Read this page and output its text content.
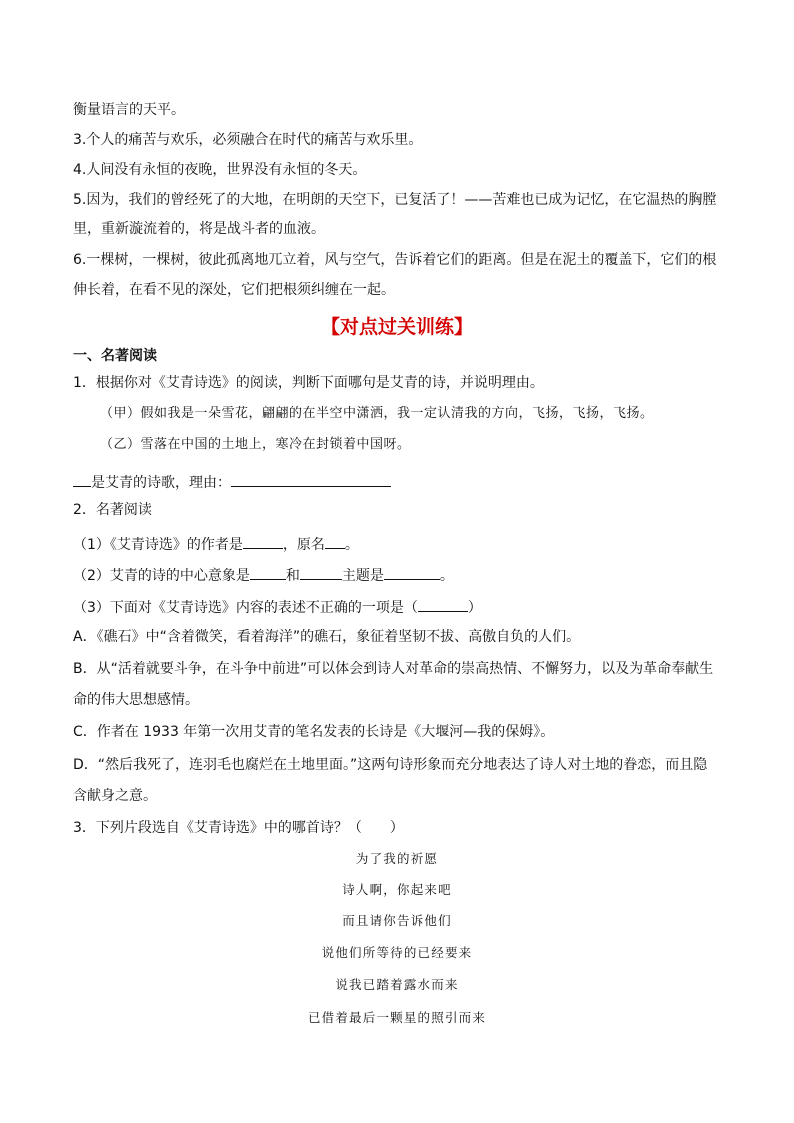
衡量语言的天平。
3.个人的痛苦与欢乐，必须融合在时代的痛苦与欢乐里。
4.人间没有永恒的夜晚，世界没有永恒的冬天。
5.因为，我们的曾经死了的大地，在明朗的天空下，已复活了！——苦难也已成为记忆，在它温热的胸膛
里，重新漩流着的，将是战斗者的血液。
6.一棵树，一棵树，彼此孤离地兀立着，风与空气，告诉着它们的距离。但是在泥土的覆盖下，它们的根
伸长着，在看不见的深处，它们把根须纠缠在一起。
【对点过关训练】
一、名著阅读
1．根据你对《艾青诗选》的阅读，判断下面哪句是艾青的诗，并说明理由。
（甲）假如我是一朵雪花，翩翩的在半空中潇洒，我一定认清我的方向，飞扬，飞扬，飞扬。
（乙）雪落在中国的土地上，寒冷在封锁着中国呀。
是艾青的诗歌，理由：
2．名著阅读
（1）《艾青诗选》的作者是	，原名 。
（2）艾青的诗的中心意象是	和	主题是	。
（3）下面对《艾青诗选》内容的表述不正确的一项是（	）
A．《礁石》中“含着微笑，看着海洋”的礁石，象征着坚韧不拔、高傲自负的人们。
B．从“活着就要斗争，在斗争中前进”可以体会到诗人对革命的崇高热情、不懈努力，以及为革命奉献生
命的伟大思想感情。
C．作者在 1933 年第一次用艾青的笔名发表的长诗是《大堰河—我的保姆》。
D．“然后我死了，连羽毛也腐烂在土地里面。”这两句诗形象而充分地表达了诗人对土地的眷恋，而且隐
含献身之意。
3．下列片段选自《艾青诗选》中的哪首诗？（　　）
为了我的祈愿
诗人啊，你起来吧
而且请你告诉他们
说他们所等待的已经要来
说我已踏着露水而来
已借着最后一颗星的照引而来
